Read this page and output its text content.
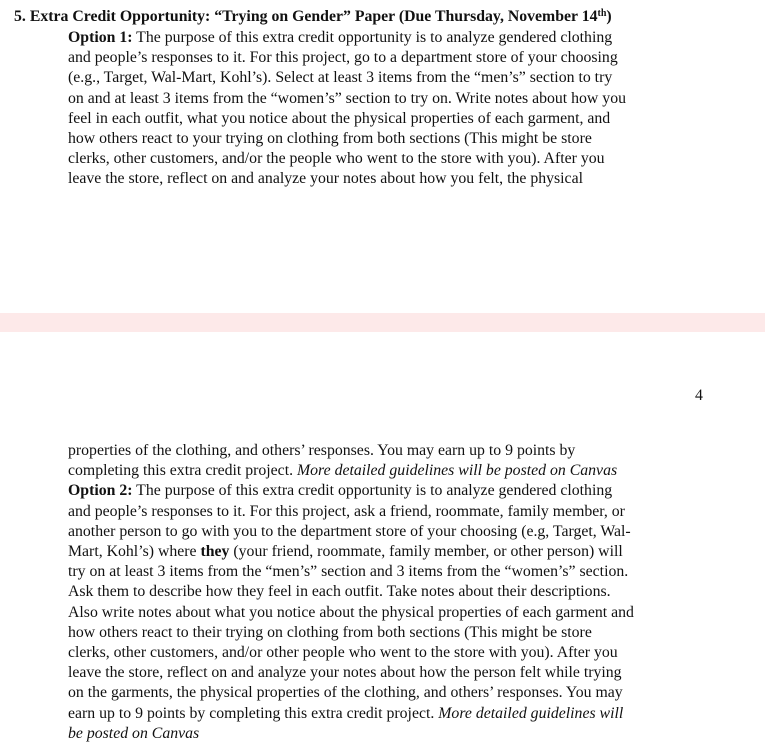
5. Extra Credit Opportunity: “Trying on Gender” Paper (Due Thursday, November 14th)
Option 1: The purpose of this extra credit opportunity is to analyze gendered clothing
and people’s responses to it. For this project, go to a department store of your choosing
(e.g., Target, Wal-Mart, Kohl’s). Select at least 3 items from the “men’s” section to try
on and at least 3 items from the “women’s” section to try on. Write notes about how you
feel in each outfit, what you notice about the physical properties of each garment, and
how others react to your trying on clothing from both sections (This might be store
clerks, other customers, and/or the people who went to the store with you). After you
leave the store, reflect on and analyze your notes about how you felt, the physical
4
properties of the clothing, and others’ responses. You may earn up to 9 points by
completing this extra credit project. More detailed guidelines will be posted on Canvas
Option 2: The purpose of this extra credit opportunity is to analyze gendered clothing
and people’s responses to it. For this project, ask a friend, roommate, family member, or
another person to go with you to the department store of your choosing (e.g, Target, Wal-
Mart, Kohl’s) where they (your friend, roommate, family member, or other person) will
try on at least 3 items from the “men’s” section and 3 items from the “women’s” section.
Ask them to describe how they feel in each outfit. Take notes about their descriptions.
Also write notes about what you notice about the physical properties of each garment and
how others react to their trying on clothing from both sections (This might be store
clerks, other customers, and/or other people who went to the store with you). After you
leave the store, reflect on and analyze your notes about how the person felt while trying
on the garments, the physical properties of the clothing, and others’ responses. You may
earn up to 9 points by completing this extra credit project. More detailed guidelines will
be posted on Canvas
